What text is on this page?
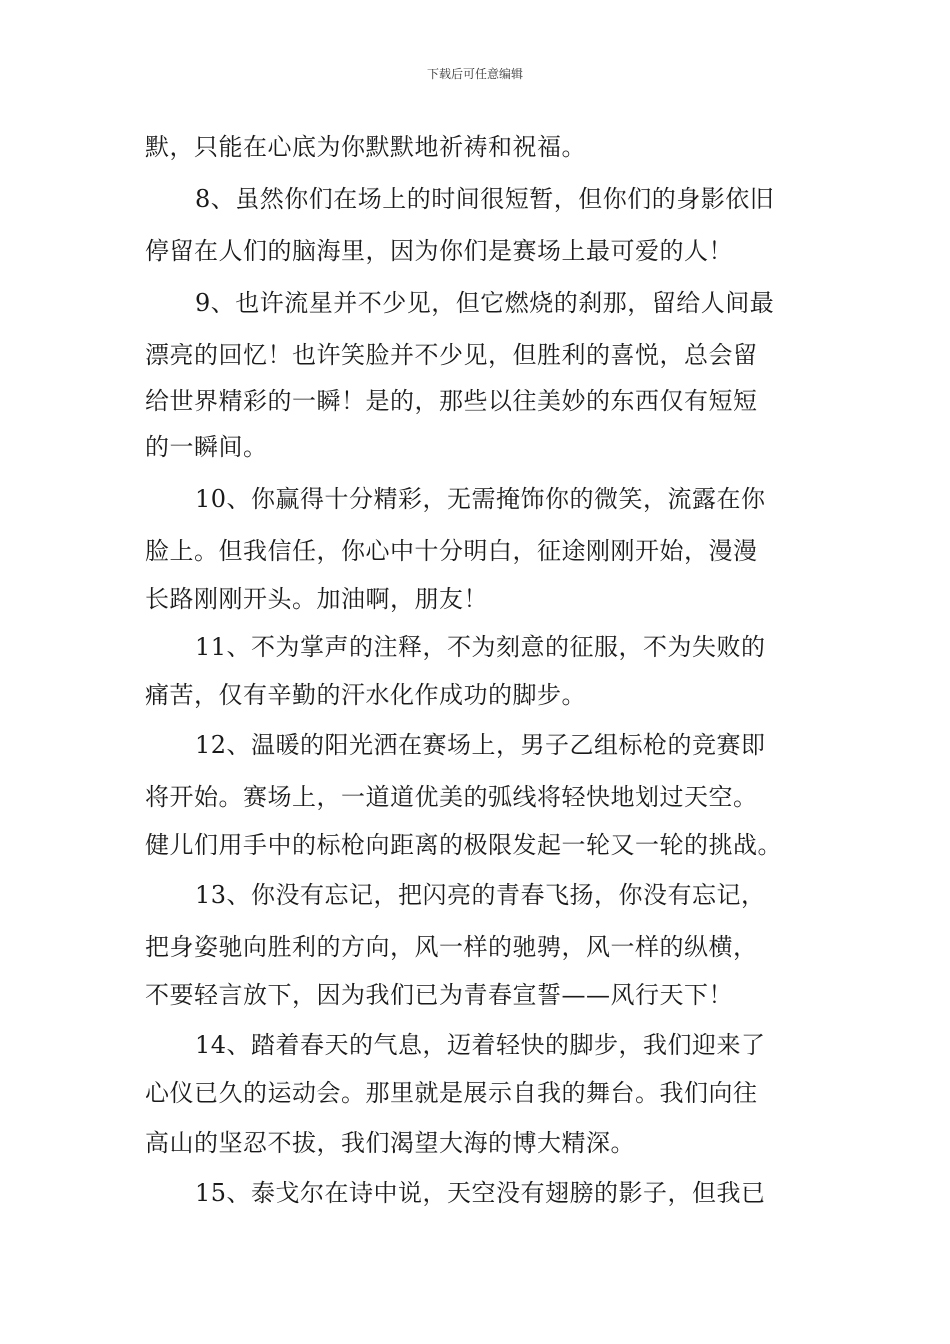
下载后可任意编辑
默，只能在心底为你默默地祈祷和祝福。
8、虽然你们在场上的时间很短暂，但你们的身影依旧
停留在人们的脑海里，因为你们是赛场上最可爱的人！
9、也许流星并不少见，但它燃烧的刹那，留给人间最
漂亮的回忆！也许笑脸并不少见，但胜利的喜悦，总会留
给世界精彩的一瞬！是的，那些以往美妙的东西仅有短短
的一瞬间。
10、你赢得十分精彩，无需掩饰你的微笑，流露在你
脸上。但我信任，你心中十分明白，征途刚刚开始，漫漫
长路刚刚开头。加油啊，朋友！
11、不为掌声的注释，不为刻意的征服，不为失败的
痛苦，仅有辛勤的汗水化作成功的脚步。
12、温暖的阳光洒在赛场上，男子乙组标枪的竞赛即
将开始。赛场上，一道道优美的弧线将轻快地划过天空。
健儿们用手中的标枪向距离的极限发起一轮又一轮的挑战。
13、你没有忘记，把闪亮的青春飞扬，你没有忘记，
把身姿驰向胜利的方向，风一样的驰骋，风一样的纵横，
不要轻言放下，因为我们已为青春宣誓——风行天下！
14、踏着春天的气息，迈着轻快的脚步，我们迎来了
心仪已久的运动会。那里就是展示自我的舞台。我们向往
高山的坚忍不拔，我们渴望大海的博大精深。
15、泰戈尔在诗中说，天空没有翅膀的影子，但我已
